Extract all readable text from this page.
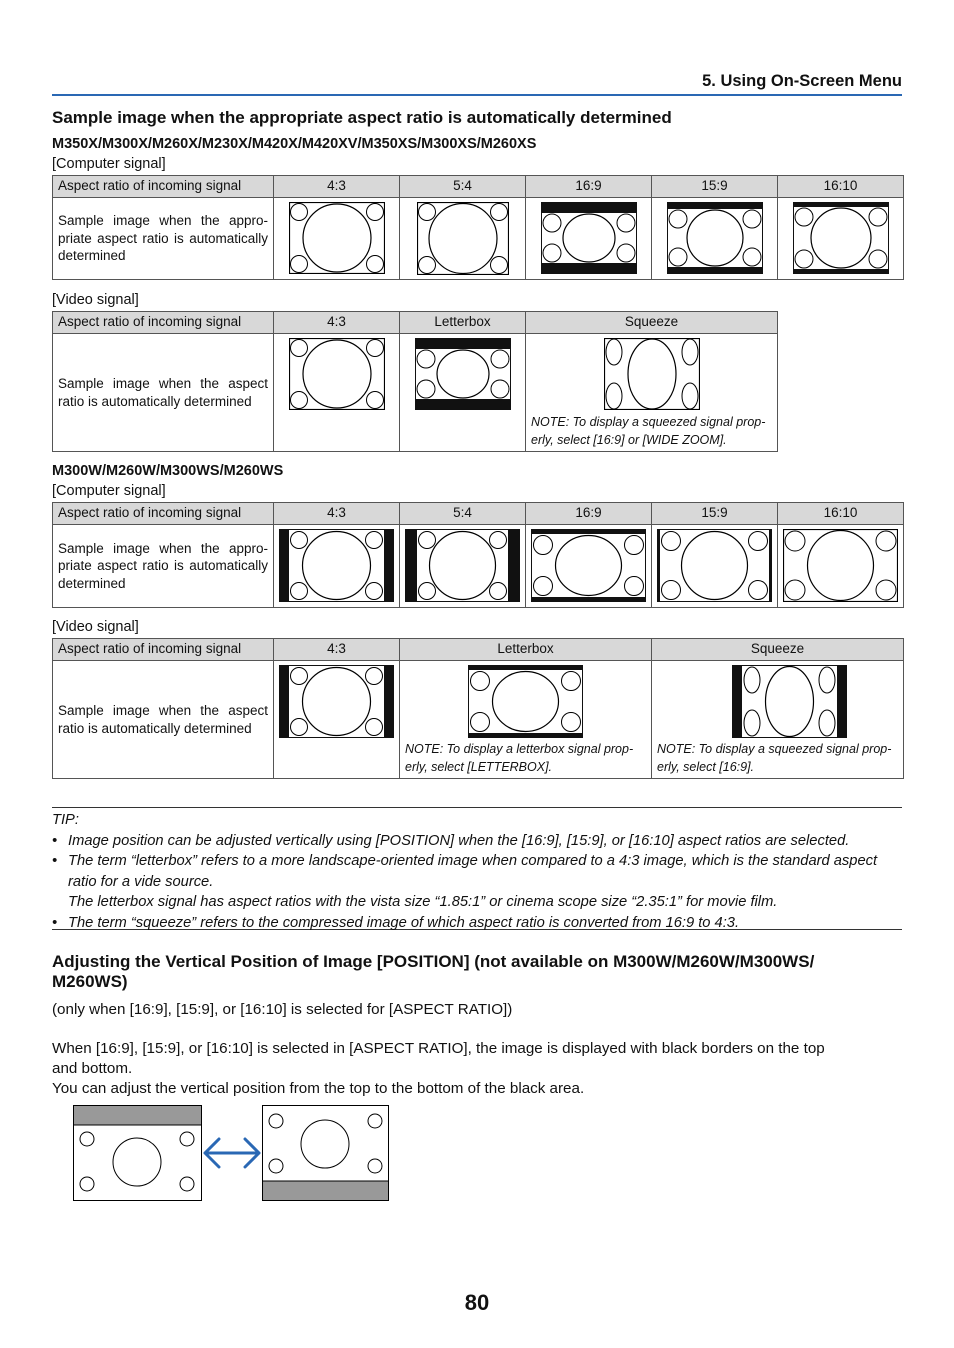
5. Using On-Screen Menu
Sample image when the appropriate aspect ratio is automatically determined
M350X/M300X/M260X/M230X/M420X/M420XV/M350XS/M300XS/M260XS
[Computer signal]
Aspect ratio of incoming signal	4:3	5:4	16:9	15:9	16:10
Sample image when the appropriate aspect ratio is automatically determined	

[Video signal]
Aspect ratio of incoming signal	4:3	Letterbox	Squeeze
Sample image when the aspect ratio is automatically determined			NOTE: To display a squeezed signal properly, select [16:9] or [WIDE ZOOM].
M300W/M260W/M300WS/M260WS
[Computer signal]
Aspect ratio of incoming signal	4:3	5:4	16:9	15:9	16:10
Sample image when the appropriate aspect ratio is automatically determined	

[Video signal]
Aspect ratio of incoming signal	4:3	Letterbox	Squeeze
Sample image when the aspect ratio is automatically determined		NOTE: To display a letterbox signal properly, select [LETTERBOX].	NOTE: To display a squeezed signal properly, select [16:9].
TIP:
• Image position can be adjusted vertically using [POSITION] when the [16:9], [15:9], or [16:10] aspect ratios are selected.
• The term “letterbox” refers to a more landscape-oriented image when compared to a 4:3 image, which is the standard aspect
ratio for a vide source.
The letterbox signal has aspect ratios with the vista size “1.85:1” or cinema scope size “2.35:1” for movie film.
• The term “squeeze” refers to the compressed image of which aspect ratio is converted from 16:9 to 4:3.
Adjusting the Vertical Position of Image [POSITION] (not available on M300W/M260W/M300WS/
M260WS)
(only when [16:9], [15:9], or [16:10] is selected for [ASPECT RATIO])
When [16:9], [15:9], or [16:10] is selected in [ASPECT RATIO], the image is displayed with black borders on the top
and bottom.
You can adjust the vertical position from the top to the bottom of the black area.
80
